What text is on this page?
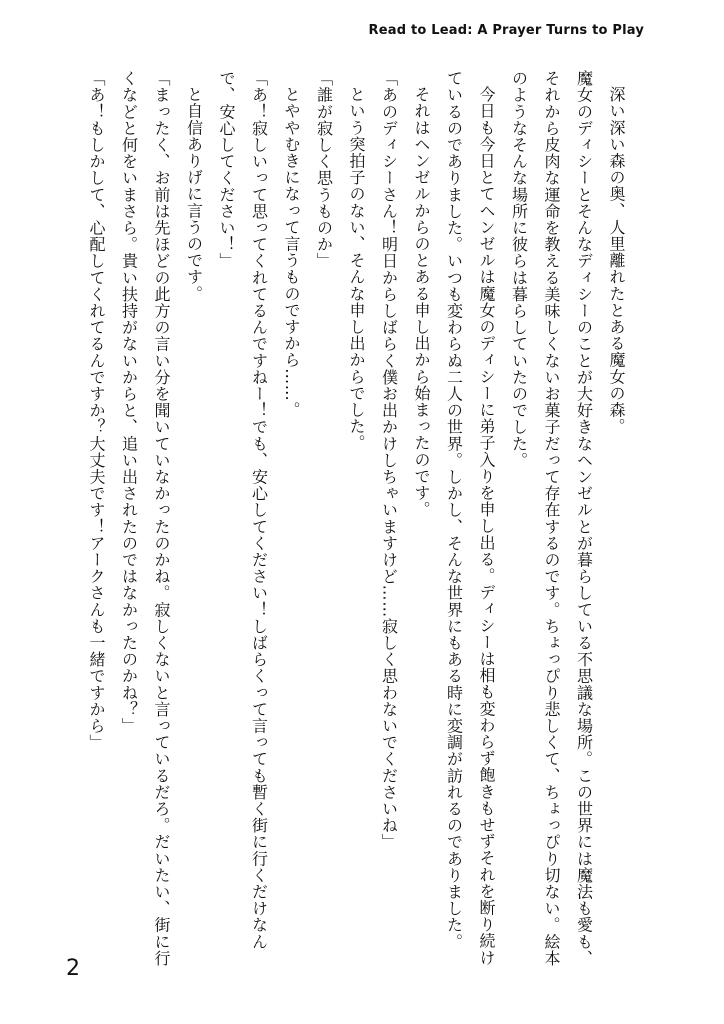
Read to Lead: A Prayer Turns to Play

深い深い森の奥、人里離れたとある魔女の森。

魔女のディシーとそんなディシーのことが大好きなヘンゼルとが暮らしている不思議な場所。この世界には魔法も愛も、それから皮肉な運命を教える美味しくないお菓子だって存在するのです。ちょっぴり悲しくて、ちょっぴり切ない。絵本のようなそんな場所に彼らは暮らしていたのでした。

今日も今日とてヘンゼルは魔女のディシーに弟子入りを申し出る。ディシーは相も変わらず飽きもせずそれを断り続けているのでありました。いつも変わらぬ二人の世界。しかし、そんな世界にもある時に変調が訪れるのでありました。

それはヘンゼルからのとある申し出から始まったのです。

「あのディシーさん！明日からしばらく僕お出かけしちゃいますけど……寂しく思わないでくださいね」

という突拍子のない、そんな申し出からでした。

「誰が寂しく思うものか」

とややむきになって言うものですから……。

「あ！寂しいって思ってくれてるんですねー！でも、安心してください！しばらくって言っても暫く街に行くだけなんで、安心してください！」

と自信ありげに言うのです。

「まったく、お前は先ほどの此方の言い分を聞いていなかったのかね。寂しくないと言っているだろ。だいたい、街に行くなどと何をいまさら。貴い扶持がないからと、追い出されたのではなかったのかね？」

「あ！もしかして、心配してくれてるんですか？大丈夫です！アークさんも一緒ですから」

2
